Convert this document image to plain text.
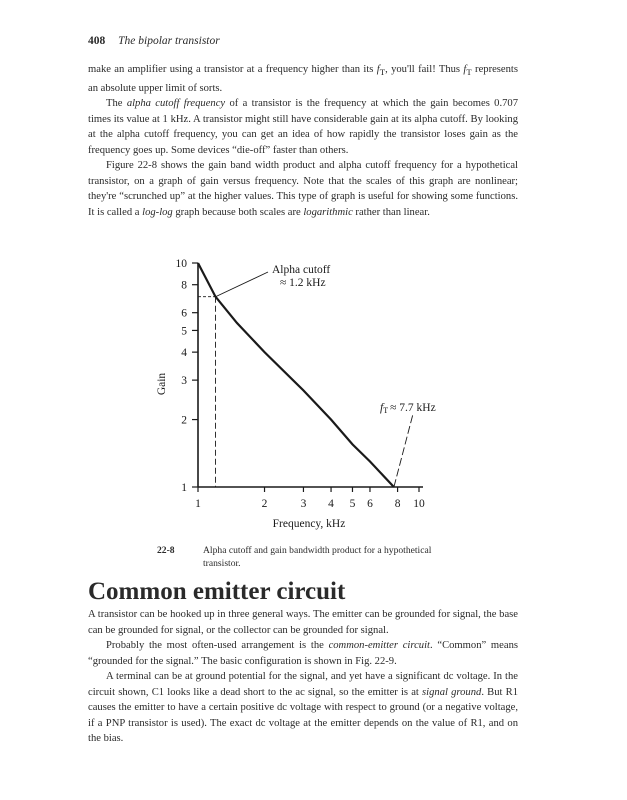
408 The bipolar transistor

make an amplifier using a transistor at a frequency higher than its $f_T$, you'll fail! Thus $f_T$ represents an absolute upper limit of sorts.

The alpha cutoff frequency of a transistor is the frequency at which the gain becomes 0.707 times its value at 1 kHz. A transistor might still have considerable gain at its alpha cutoff. By looking at the alpha cutoff frequency, you can get an idea of how rapidly the transistor loses gain as the frequency goes up. Some devices “die-off” faster than others.

Figure 22-8 shows the gain band width product and alpha cutoff frequency for a hypothetical transistor, on a graph of gain versus frequency. Note that the scales of this graph are nonlinear; they're “scrunched up” at the higher values. This type of graph is useful for showing some functions. It is called a log-log graph because both scales are logarithmic rather than linear.

1	2	3 4 5 6 8 10
1
2
3
4
5
6
8
10
Frequency, kHz
Gain
Alpha cutoff
≈ 1.2 kHz
fT ≈ 7.7 kHz
22-8	Alpha cutoff and gain bandwidth product for a hypothetical transistor.
Common emitter circuit

A transistor can be hooked up in three general ways. The emitter can be grounded for signal, the base can be grounded for signal, or the collector can be grounded for signal.

Probably the most often-used arrangement is the common-emitter circuit. “Common” means “grounded for the signal.” The basic configuration is shown in Fig. 22-9.

A terminal can be at ground potential for the signal, and yet have a significant dc voltage. In the circuit shown, C1 looks like a dead short to the ac signal, so the emitter is at signal ground. But R1 causes the emitter to have a certain positive dc voltage with respect to ground (or a negative voltage, if a PNP transistor is used). The exact dc voltage at the emitter depends on the value of R1, and on the bias.
